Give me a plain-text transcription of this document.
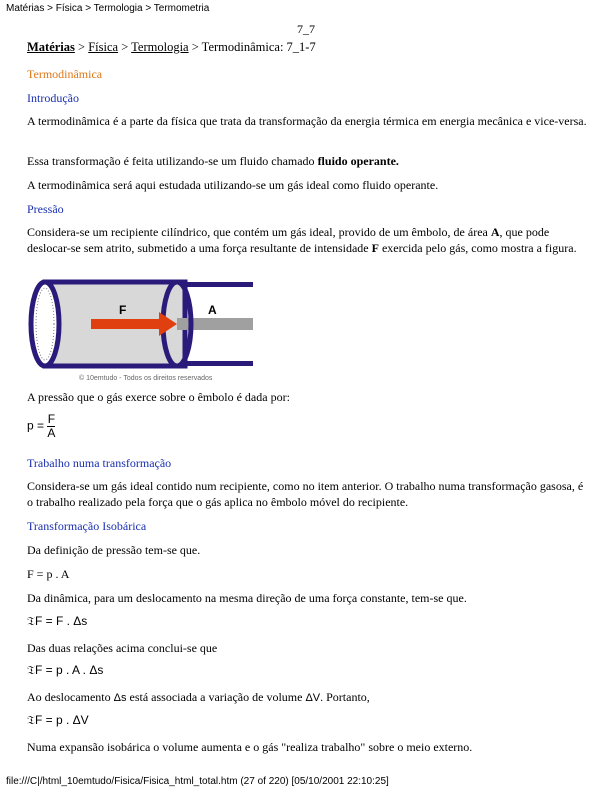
Matérias > Física > Termologia > Termometria
7_7
Matérias > Física > Termologia > Termodinâmica: 7_1-7

Termodinâmica

Introdução

A termodinâmica é a parte da física que trata da transformação da energia térmica em energia mecânica e vice-versa.

Essa transformação é feita utilizando-se um fluido chamado fluido operante.

A termodinâmica será aqui estudada utilizando-se um gás ideal como fluido operante.

Pressão

Considera-se um recipiente cilíndrico, que contém um gás ideal, provido de um êmbolo, de área A, que pode deslocar-se sem atrito, submetido a uma força resultante de intensidade F exercida pelo gás, como mostra a figura.

F	A
© 10emtudo - Todos os direitos reservados

A pressão que o gás exerce sobre o êmbolo é dada por:

$p = \frac{F}{A}$

Trabalho numa transformação

Considera-se um gás ideal contido num recipiente, como no item anterior. O trabalho numa transformação gasosa, é o trabalho realizado pela força que o gás aplica no êmbolo móvel do recipiente.

Transformação Isobárica

Da definição de pressão tem-se que.

F = p . A

Da dinâmica, para um deslocamento na mesma direção de uma força constante, tem-se que.

𝔗F = F . Δs

Das duas relações acima conclui-se que

𝔗F = p . A . Δs

Ao deslocamento Δs está associada a variação de volume ΔV. Portanto,

𝔗F = p . ΔV

Numa expansão isobárica o volume aumenta e o gás "realiza trabalho" sobre o meio externo.

file:///C|/html_10emtudo/Fisica/Fisica_html_total.htm (27 of 220) [05/10/2001 22:10:25]
